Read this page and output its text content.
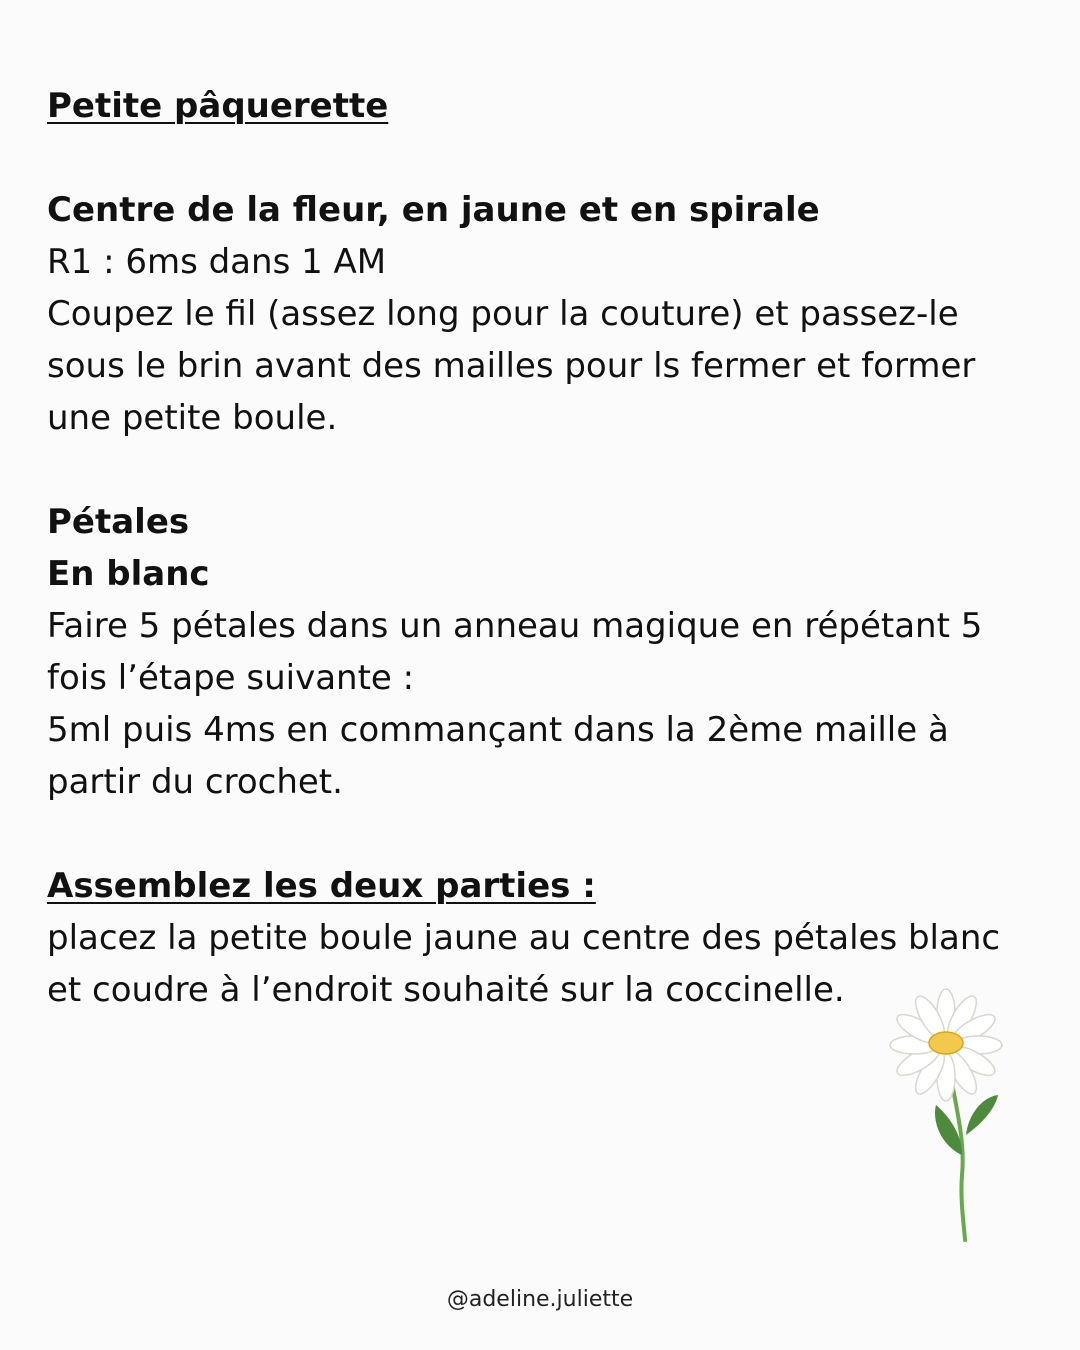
Petite pâquerette
Centre de la fleur, en jaune et en spirale
R1 : 6ms dans 1 AM
Coupez le fil (assez long pour la couture) et passez-le
sous le brin avant des mailles pour ls fermer et former
une petite boule.
Pétales
En blanc
Faire 5 pétales dans un anneau magique en répétant 5
fois l’étape suivante :
5ml puis 4ms en commançant dans la 2ème maille à
partir du crochet.
Assemblez les deux parties :
placez la petite boule jaune au centre des pétales blanc
et coudre à l’endroit souhaité sur la coccinelle.
@adeline.juliette
